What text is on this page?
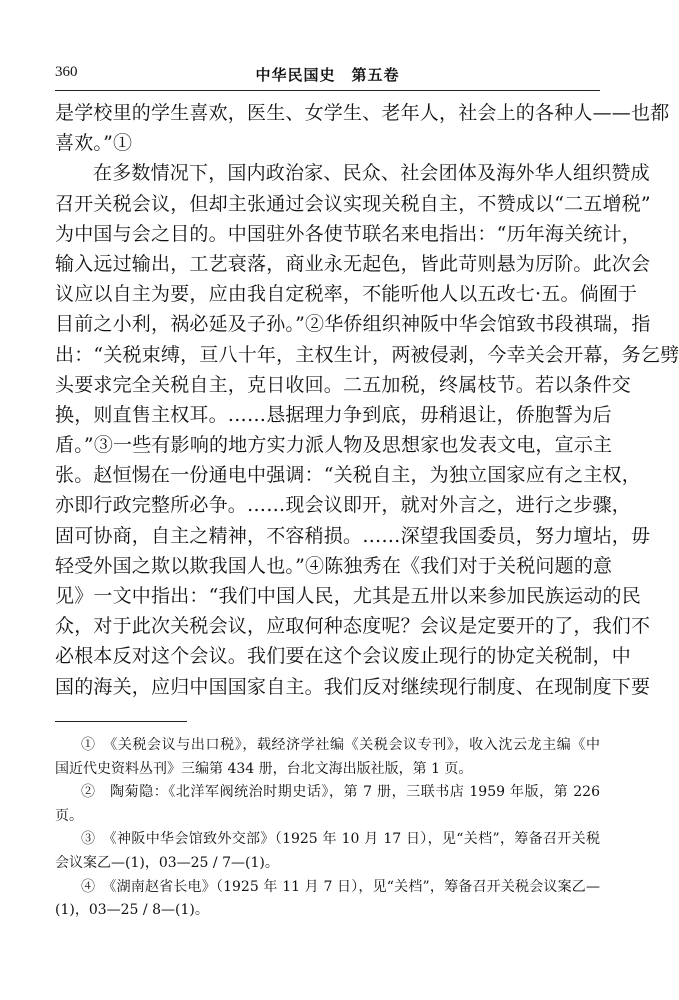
360	中华民国史　第五卷
是学校里的学生喜欢，医生、女学生、老年人，社会上的各种人——也都
喜欢。”①
在多数情况下，国内政治家、民众、社会团体及海外华人组织赞成
召开关税会议，但却主张通过会议实现关税自主，不赞成以“二五增税”
为中国与会之目的。中国驻外各使节联名来电指出：“历年海关统计，
输入远过输出，工艺衰落，商业永无起色，皆此苛则悬为厉阶。此次会
议应以自主为要，应由我自定税率，不能听他人以五改七·五。倘囿于
目前之小利，祸必延及子孙。”②华侨组织神阪中华会馆致书段祺瑞，指
出：“关税束缚，亘八十年，主权生计，两被侵剥，今幸关会开幕，务乞劈
头要求完全关税自主，克日收回。二五加税，终属枝节。若以条件交
换，则直售主权耳。……恳据理力争到底，毋稍退让，侨胞誓为后
盾。”③一些有影响的地方实力派人物及思想家也发表文电，宣示主
张。赵恒惕在一份通电中强调：“关税自主，为独立国家应有之主权，
亦即行政完整所必争。……现会议即开，就对外言之，进行之步骤，
固可协商，自主之精神，不容稍损。……深望我国委员，努力壇坫，毋
轻受外国之欺以欺我国人也。”④陈独秀在《我们对于关税问题的意
见》一文中指出：“我们中国人民，尤其是五卅以来参加民族运动的民
众，对于此次关税会议，应取何种态度呢？会议是定要开的了，我们不
必根本反对这个会议。我们要在这个会议废止现行的协定关税制，中
国的海关，应归中国国家自主。我们反对继续现行制度、在现制度下要
①　《关税会议与出口税》，载经济学社编《关税会议专刊》，收入沈云龙主编《中
国近代史资料丛刊》三编第 434 册，台北文海出版社版，第 1 页。
②　陶菊隐：《北洋军阀统治时期史话》，第 7 册，三联书店 1959 年版，第 226
页。
③　《神阪中华会馆致外交部》（1925 年 10 月 17 日），见“关档”，筹备召开关税
会议案乙—(1)，03—25 / 7—(1)。
④　《湖南赵省长电》（1925 年 11 月 7 日），见“关档”，筹备召开关税会议案乙—
(1)，03—25 / 8—(1)。
